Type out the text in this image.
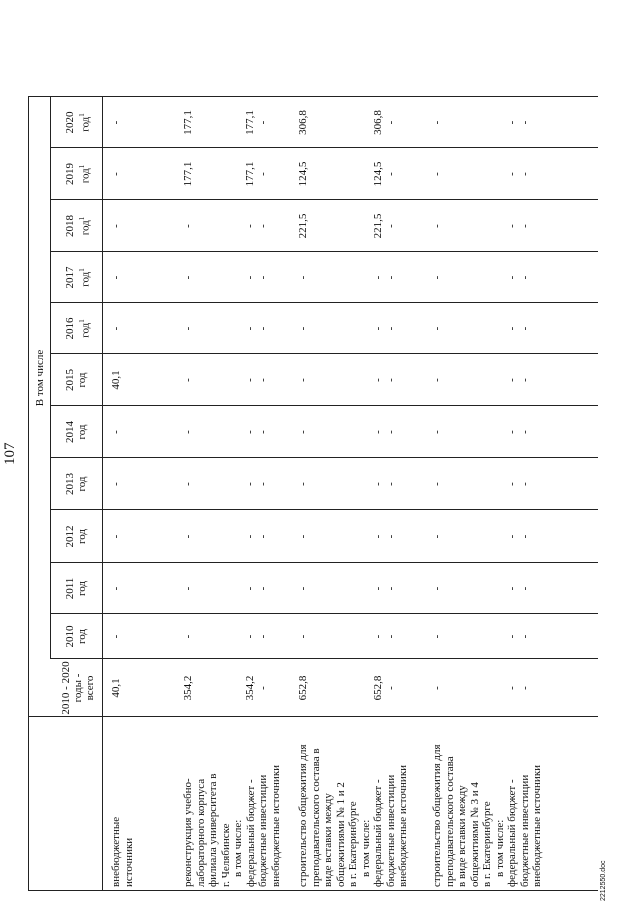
107
2010 - 2020 годы - всего
В том числе
2010 год
2011 год
2012 год
2013 год
2014 год
2015 год
2016 год$^1$
2017 год$^1$
2018 год$^1$
2019 год$^1$
2020 год$^1$
внебюджетные источники
40,1
-
-
-
-
-
40,1
-
-
-
-
-
реконструкция учебно- лабораторного корпуса филиала университета в г. Челябинске в том числе: федеральный бюджет - бюджетные инвестиции внебюджетные источники
354,2
-
-
-
-
-
-
-
-
-
177,1
177,1
354,2
-
-
-
-
-
-
-
-
-
177,1
177,1
-
-
-
-
-
-
-
-
-
-
-
-
строительство общежития для преподавательского состава в виде вставки между общежитиями № 1 и 2 в г. Екатеринбурге в том числе: федеральный бюджет - бюджетные инвестиции внебюджетные источники
652,8
-
-
-
-
-
-
-
-
221,5
124,5
306,8
652,8
-
-
-
-
-
-
-
-
221,5
124,5
306,8
-
-
-
-
-
-
-
-
-
-
-
-
строительство общежития для преподавательского состава в виде вставки между общежитиями № 3 и 4 в г. Екатеринбурге в том числе: федеральный бюджет - бюджетные инвестиции внебюджетные источники
-
-
-
-
-
-
-
-
-
-
-
-
-
-
-
-
-
-
-
-
-
-
-
-
-
-
-
-
-
-
-
-
-
-
-
-
2212550.doc
